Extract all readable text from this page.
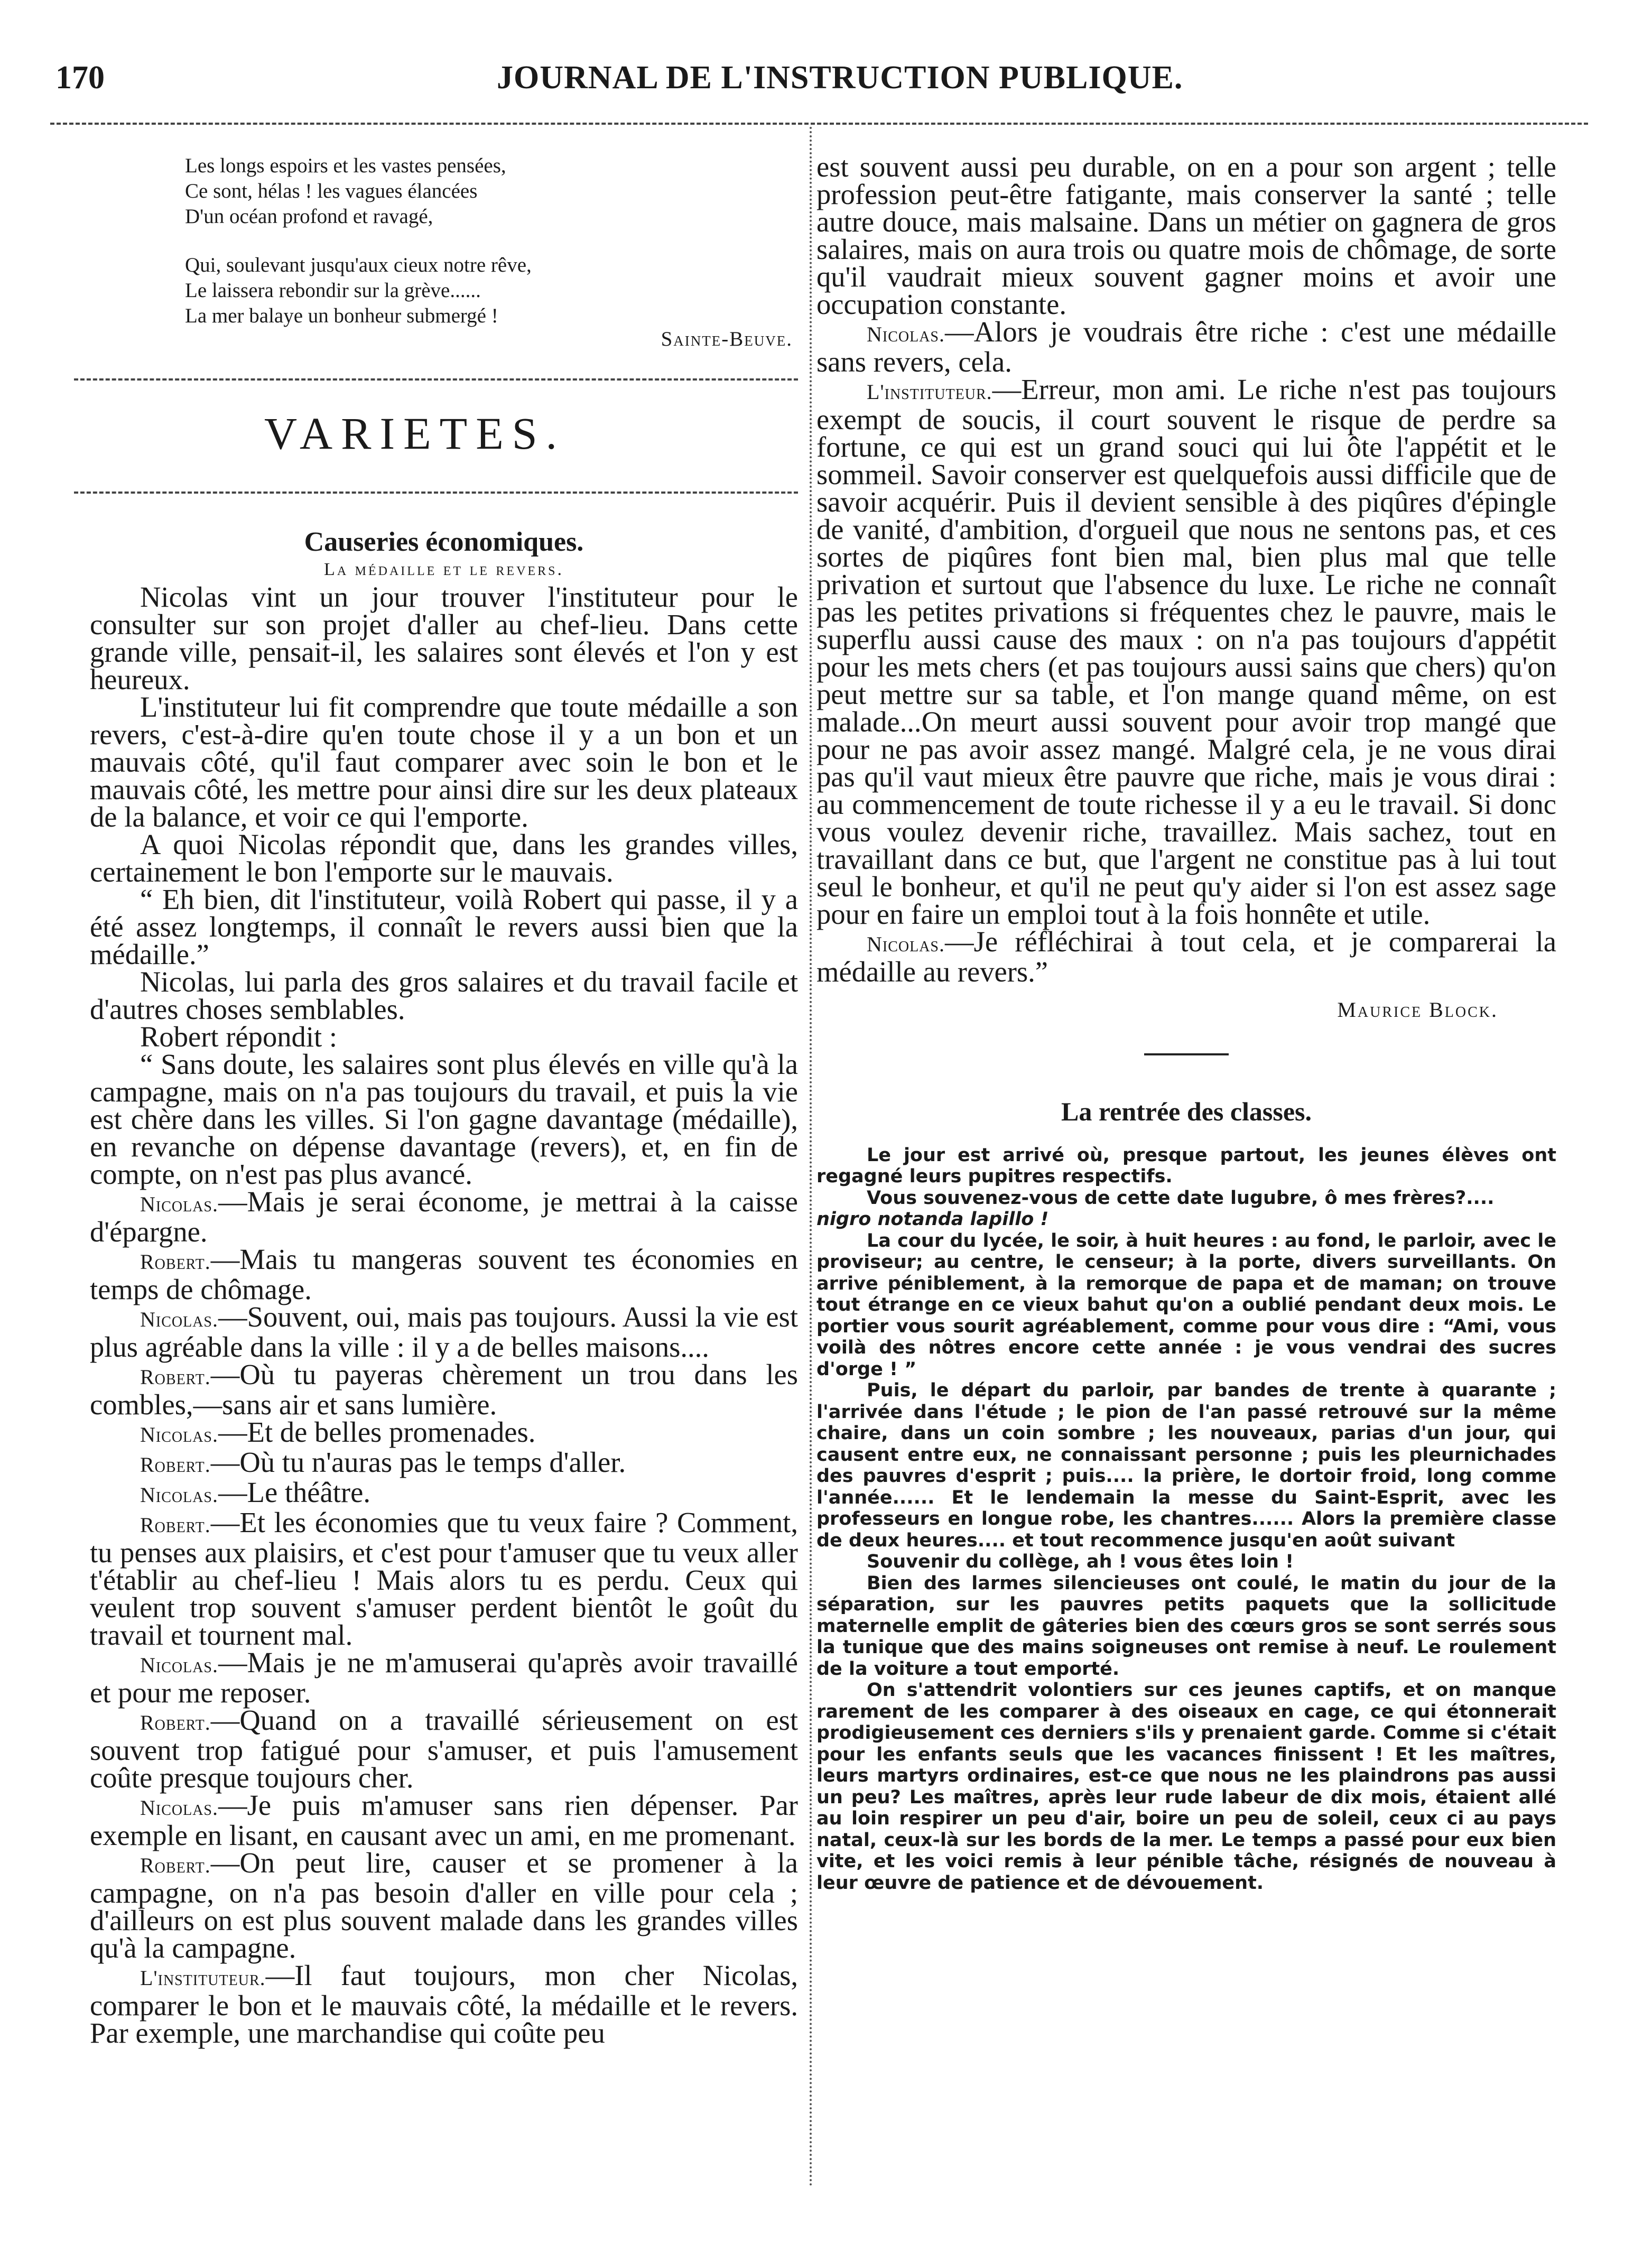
170	JOURNAL DE L'INSTRUCTION PUBLIQUE.
Les longs espoirs et les vastes pensées,
Ce sont, hélas ! les vagues élancées
D'un océan profond et ravagé,
Qui, soulevant jusqu'aux cieux notre rêve,
Le laissera rebondir sur la grève......
La mer balaye un bonheur submergé !
Sainte-Beuve.
VARIETES.

Causeries économiques.

La médaille et le revers.

Nicolas vint un jour trouver l'instituteur pour le consulter sur son projet d'aller au chef-lieu. Dans cette grande ville, pensait-il, les salaires sont élevés et l'on y est heureux.

L'instituteur lui fit comprendre que toute médaille a son revers, c'est-à-dire qu'en toute chose il y a un bon et un mauvais côté, qu'il faut comparer avec soin le bon et le mauvais côté, les mettre pour ainsi dire sur les deux plateaux de la balance, et voir ce qui l'emporte.

A quoi Nicolas répondit que, dans les grandes villes, certainement le bon l'emporte sur le mauvais.

“ Eh bien, dit l'instituteur, voilà Robert qui passe, il y a été assez longtemps, il connaît le revers aussi bien que la médaille.”

Nicolas, lui parla des gros salaires et du travail facile et d'autres choses semblables.

Robert répondit :

“ Sans doute, les salaires sont plus élevés en ville qu'à la campagne, mais on n'a pas toujours du travail, et puis la vie est chère dans les villes. Si l'on gagne davantage (médaille), en revanche on dépense davantage (revers), et, en fin de compte, on n'est pas plus avancé.

Nicolas.—Mais je serai économe, je mettrai à la caisse d'épargne.

Robert.—Mais tu mangeras souvent tes économies en temps de chômage.

Nicolas.—Souvent, oui, mais pas toujours. Aussi la vie est plus agréable dans la ville : il y a de belles maisons....

Robert.—Où tu payeras chèrement un trou dans les combles,—sans air et sans lumière.

Nicolas.—Et de belles promenades.

Robert.—Où tu n'auras pas le temps d'aller.

Nicolas.—Le théâtre.

Robert.—Et les économies que tu veux faire ? Comment, tu penses aux plaisirs, et c'est pour t'amuser que tu veux aller t'établir au chef-lieu ! Mais alors tu es perdu. Ceux qui veulent trop souvent s'amuser perdent bientôt le goût du travail et tournent mal.

Nicolas.—Mais je ne m'amuserai qu'après avoir travaillé et pour me reposer.

Robert.—Quand on a travaillé sérieusement on est souvent trop fatigué pour s'amuser, et puis l'amusement coûte presque toujours cher.

Nicolas.—Je puis m'amuser sans rien dépenser. Par exemple en lisant, en causant avec un ami, en me promenant.

Robert.—On peut lire, causer et se promener à la campagne, on n'a pas besoin d'aller en ville pour cela ; d'ailleurs on est plus souvent malade dans les grandes villes qu'à la campagne.

L'instituteur.—Il faut toujours, mon cher Nicolas, comparer le bon et le mauvais côté, la médaille et le revers. Par exemple, une marchandise qui coûte peu

est souvent aussi peu durable, on en a pour son argent ; telle profession peut-être fatigante, mais conserver la santé ; telle autre douce, mais malsaine. Dans un métier on gagnera de gros salaires, mais on aura trois ou quatre mois de chômage, de sorte qu'il vaudrait mieux souvent gagner moins et avoir une occupation constante.

Nicolas.—Alors je voudrais être riche : c'est une médaille sans revers, cela.

L'instituteur.—Erreur, mon ami. Le riche n'est pas toujours exempt de soucis, il court souvent le risque de perdre sa fortune, ce qui est un grand souci qui lui ôte l'appétit et le sommeil. Savoir conserver est quelquefois aussi difficile que de savoir acquérir. Puis il devient sensible à des piqûres d'épingle de vanité, d'ambition, d'orgueil que nous ne sentons pas, et ces sortes de piqûres font bien mal, bien plus mal que telle privation et surtout que l'absence du luxe. Le riche ne connaît pas les petites privations si fréquentes chez le pauvre, mais le superflu aussi cause des maux : on n'a pas toujours d'appétit pour les mets chers (et pas toujours aussi sains que chers) qu'on peut mettre sur sa table, et l'on mange quand même, on est malade...On meurt aussi souvent pour avoir trop mangé que pour ne pas avoir assez mangé. Malgré cela, je ne vous dirai pas qu'il vaut mieux être pauvre que riche, mais je vous dirai : au commencement de toute richesse il y a eu le travail. Si donc vous voulez devenir riche, travaillez. Mais sachez, tout en travaillant dans ce but, que l'argent ne constitue pas à lui tout seul le bonheur, et qu'il ne peut qu'y aider si l'on est assez sage pour en faire un emploi tout à la fois honnête et utile.

Nicolas.—Je réfléchirai à tout cela, et je comparerai la médaille au revers.”

Maurice Block.

La rentrée des classes.

Le jour est arrivé où, presque partout, les jeunes élèves ont regagné leurs pupitres respectifs.

Vous souvenez-vous de cette date lugubre, ô mes frères?....

nigro notanda lapillo !

La cour du lycée, le soir, à huit heures : au fond, le parloir, avec le proviseur; au centre, le censeur; à la porte, divers surveillants. On arrive péniblement, à la remorque de papa et de maman; on trouve tout étrange en ce vieux bahut qu'on a oublié pendant deux mois. Le portier vous sourit agréablement, comme pour vous dire : “Ami, vous voilà des nôtres encore cette année : je vous vendrai des sucres d'orge ! ”

Puis, le départ du parloir, par bandes de trente à quarante ; l'arrivée dans l'étude ; le pion de l'an passé retrouvé sur la même chaire, dans un coin sombre ; les nouveaux, parias d'un jour, qui causent entre eux, ne connaissant personne ; puis les pleurnichades des pauvres d'esprit ; puis.... la prière, le dortoir froid, long comme l'année...... Et le lendemain la messe du Saint-Esprit, avec les professeurs en longue robe, les chantres...... Alors la première classe de deux heures.... et tout recommence jusqu'en août suivant

Souvenir du collège, ah ! vous êtes loin !

Bien des larmes silencieuses ont coulé, le matin du jour de la séparation, sur les pauvres petits paquets que la sollicitude maternelle emplit de gâteries bien des cœurs gros se sont serrés sous la tunique que des mains soigneuses ont remise à neuf. Le roulement de la voiture a tout emporté.

On s'attendrit volontiers sur ces jeunes captifs, et on manque rarement de les comparer à des oiseaux en cage, ce qui étonnerait prodigieusement ces derniers s'ils y prenaient garde. Comme si c'était pour les enfants seuls que les vacances finissent ! Et les maîtres, leurs martyrs ordinaires, est-ce que nous ne les plaindrons pas aussi un peu? Les maîtres, après leur rude labeur de dix mois, étaient allé au loin respirer un peu d'air, boire un peu de soleil, ceux ci au pays natal, ceux-là sur les bords de la mer. Le temps a passé pour eux bien vite, et les voici remis à leur pénible tâche, résignés de nouveau à leur œuvre de patience et de dévouement.
